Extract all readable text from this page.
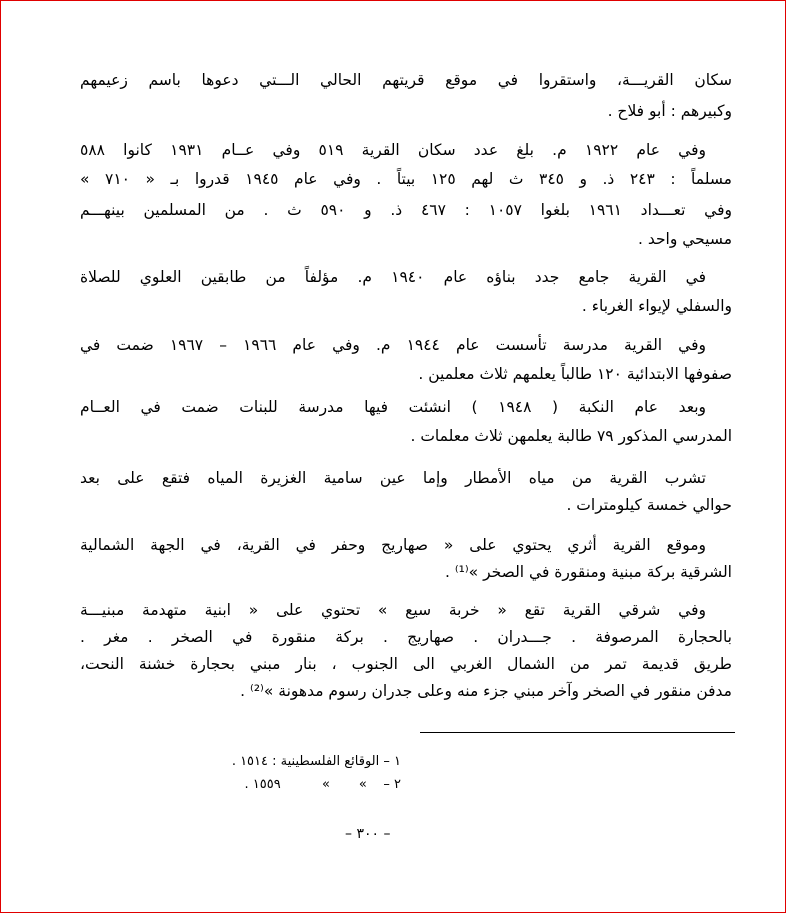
سكان القريـــة، واستقروا في موقع قريتهم الحالي الـــتي دعوها باسم زعيمهم
وكبيرهم : أبو فلاح .
وفي عام ١٩٢٢ م. بلغ عدد سكان القرية ٥١٩ وفي عــام ١٩٣١ كانوا ٥٨٨
مسلماً : ٢٤٣ ذ. و ٣٤٥ ث لهم ١٢٥ بيتاً . وفي عام ١٩٤٥ قدروا بـ « ٧١٠ »
وفي تعـــداد ١٩٦١ بلغوا ١٠٥٧ : ٤٦٧ ذ. و ٥٩٠ ث . من المسلمين بينهـــم
مسيحي واحد .
في القرية جامع جدد بناؤه عام ١٩٤٠ م. مؤلفاً من طابقين العلوي للصلاة
والسفلي لإيواء الغرباء .
وفي القرية مدرسة تأسست عام ١٩٤٤ م. وفي عام ١٩٦٦ – ١٩٦٧ ضمت في
صفوفها الابتدائية ١٢٠ طالباً يعلمهم ثلاث معلمين .
وبعد عام النكبة ( ١٩٤٨ ) انشئت فيها مدرسة للبنات ضمت في العــام
المدرسي المذكور ٧٩ طالبة يعلمهن ثلاث معلمات .
تشرب القرية من مياه الأمطار وإما عين سامية الغزيرة المياه فتقع على بعد
حوالي خمسة كيلومترات .
وموقع القرية أثري يحتوي على « صهاريج وحفر في القرية، في الجهة الشمالية
الشرقية بركة مبنية ومنقورة في الصخر »⁽¹⁾ .
وفي شرقي القرية تقع « خربة سيع » تحتوي على « ابنية متهدمة مبنيـــة
بالحجارة المرصوفة . جـــدران . صهاريج . بركة منقورة في الصخر . مغر .
طريق قديمة تمر من الشمال الغربي الى الجنوب ، بنار مبني بحجارة خشنة النحت،
مدفن منقور في الصخر وآخر مبني جزء منه وعلى جدران رسوم مدهونة »⁽²⁾ .
١ – الوقائع الفلسطينية : ١٥١٤ .
٢ –    »       »          ١٥٥٩ .
– ٣٠٠ –
